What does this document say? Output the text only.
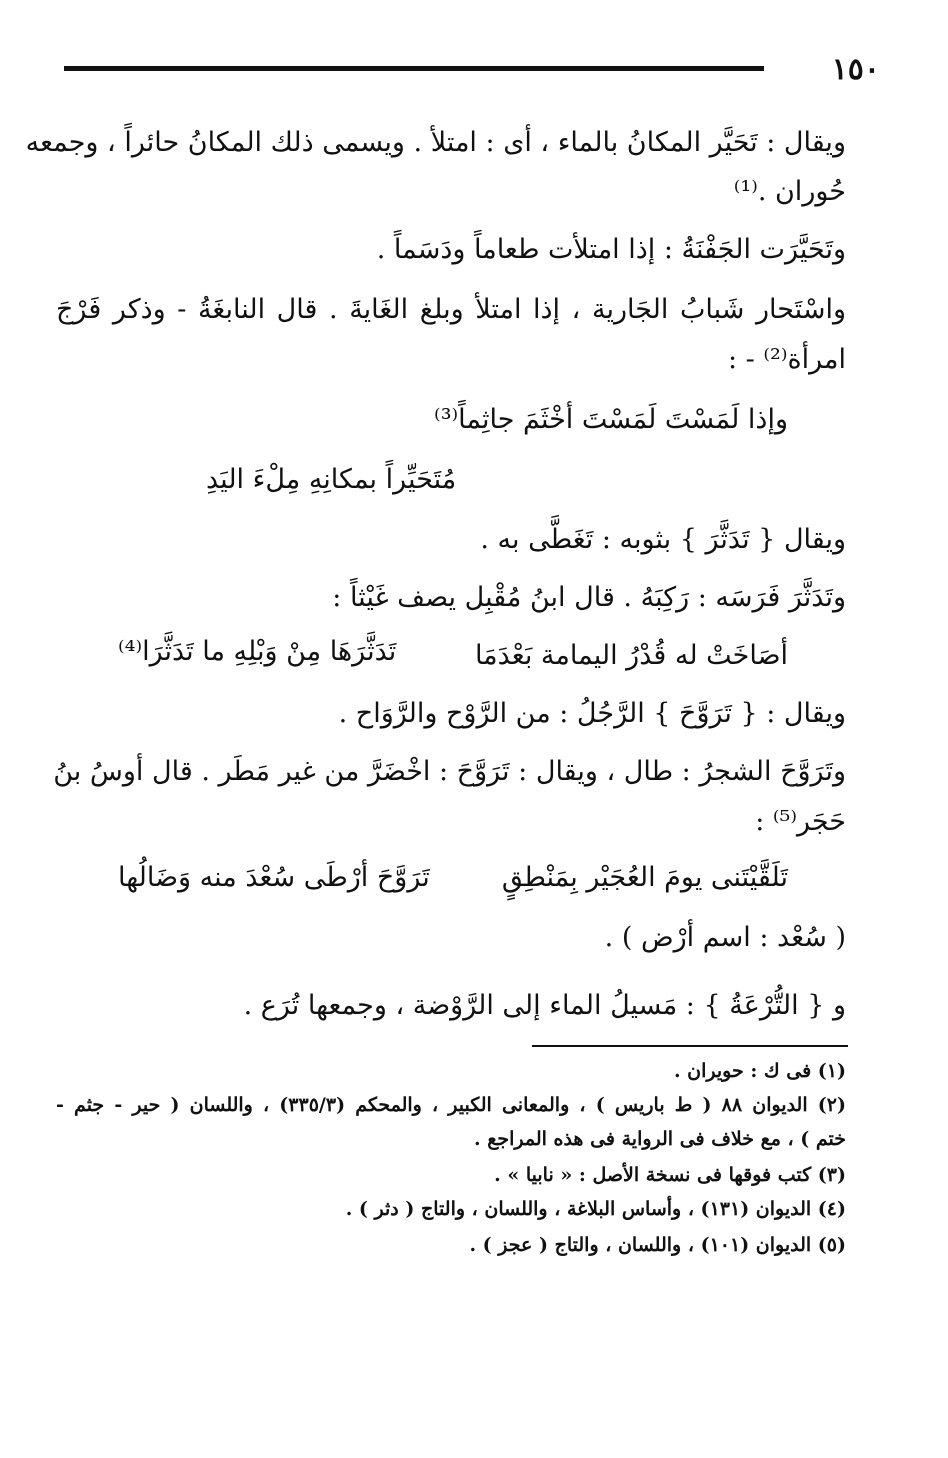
١٥٠
ويقال : تَحَيَّر المكانُ بالماء ، أى : امتلأ . ويسمى ذلك المكانُ حائراً ، وجمعه
حُوران .⁽¹⁾
وتَحَيَّرَت الجَفْنَةُ : إذا امتلأت طعاماً ودَسَماً .
واسْتَحار شَبابُ الجَارية ، إذا امتلأ وبلغ الغَايةَ . قال النابغَةُ - وذكر فَرْجَ
امرأة⁽²⁾ - :
وإذا لَمَسْتَ لَمَسْتَ أخْثَمَ جاثِماً⁽³⁾
مُتَحَيِّراً بمكانِهِ مِلْءَ اليَدِ
ويقال { تَدَثَّرَ } بثوبه : تَغَطَّى به .
وتَدَثَّرَ فَرَسَه : رَكِبَهُ . قال ابنُ مُقْبِل يصف غَيْثاً :
أصَاخَتْ له قُدْرُ اليمامة بَعْدَمَا
تَدَثَّرَهَا مِنْ وَبْلِهِ ما تَدَثَّرَا⁽⁴⁾
ويقال : { تَرَوَّحَ } الرَّجُلُ : من الرَّوْح والرَّوَاح .
وتَرَوَّحَ الشجرُ : طال ، ويقال : تَرَوَّحَ : اخْضَرَّ من غير مَطَر . قال أوسُ بنُ
حَجَر⁽⁵⁾ :
تَلَقَّيْتَنى يومَ العُجَيْر بِمَنْطِقٍ
تَرَوَّحَ أرْطَى سُعْدَ منه وَضَالُها
( سُعْد : اسم أرْض ) .
و { التُّرْعَةُ } : مَسيلُ الماء إلى الرَّوْضة ، وجمعها تُرَع .
(١) فى ك : حويران .
(٢) الديوان ٨٨ ( ط باريس ) ، والمعانى الكبير ، والمحكم (٣٣٥/٣) ، واللسان ( حير - جثم -
ختم ) ، مع خلاف فى الرواية فى هذه المراجع .
(٣) كتب فوقها فى نسخة الأصل : « نابيا » .
(٤) الديوان (١٣١) ، وأساس البلاغة ، واللسان ، والتاج ( دثر ) .
(٥) الديوان (١٠١) ، واللسان ، والتاج ( عجز ) .
